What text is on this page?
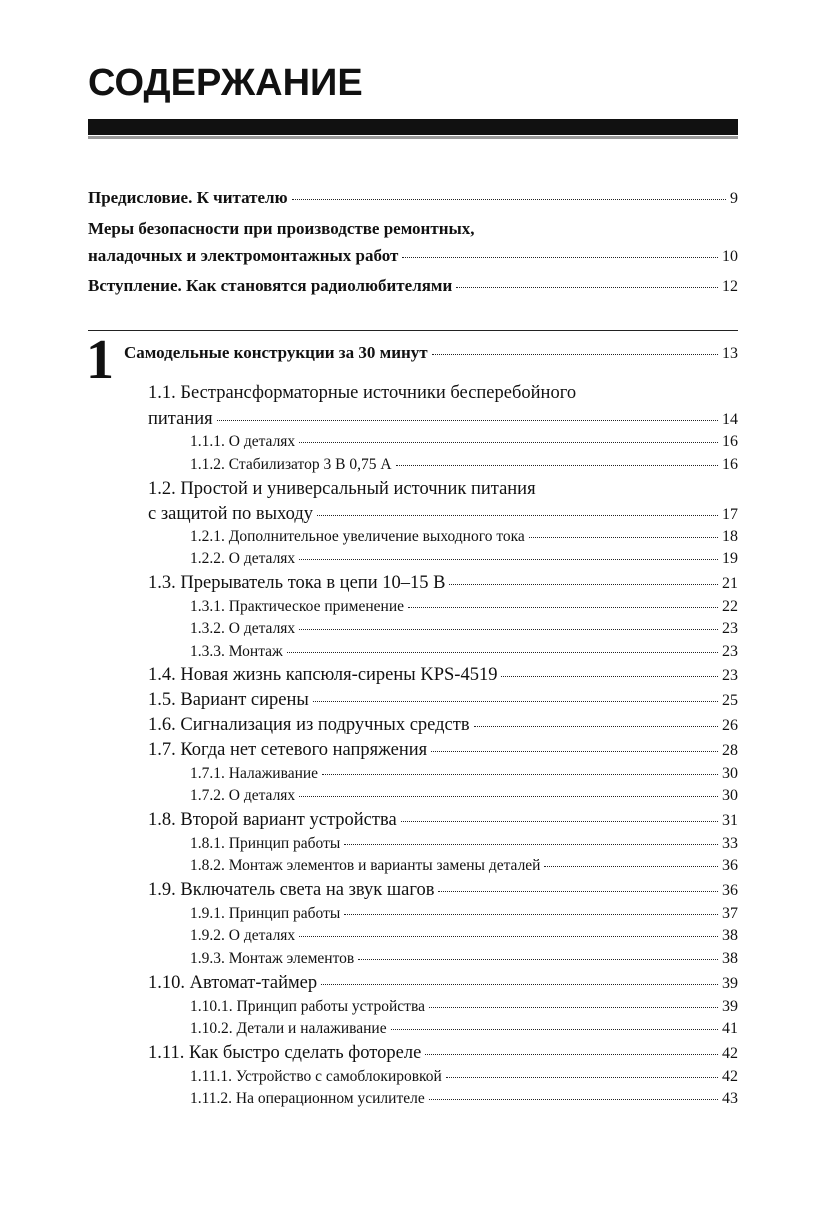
СОДЕРЖАНИЕ
Предисловие. К читателю	9
Меры безопасности при производстве ремонтных,
наладочных и электромонтажных работ	10
Вступление. Как становятся радиолюбителями	12
1 Самодельные конструкции за 30 минут	13
1.1. Бестрансформаторные источники бесперебойного
питания	14
1.1.1. О деталях	16
1.1.2. Стабилизатор 3 В 0,75 А	16
1.2. Простой и универсальный источник питания
с защитой по выходу	17
1.2.1. Дополнительное увеличение выходного тока	18
1.2.2. О деталях	19
1.3. Прерыватель тока в цепи 10–15 В	21
1.3.1. Практическое применение	22
1.3.2. О деталях	23
1.3.3. Монтаж	23
1.4. Новая жизнь капсюля-сирены KPS-4519	23
1.5. Вариант сирены	25
1.6. Сигнализация из подручных средств	26
1.7. Когда нет сетевого напряжения	28
1.7.1. Налаживание	30
1.7.2. О деталях	30
1.8. Второй вариант устройства	31
1.8.1. Принцип работы	33
1.8.2. Монтаж элементов и варианты замены деталей	36
1.9. Включатель света на звук шагов	36
1.9.1. Принцип работы	37
1.9.2. О деталях	38
1.9.3. Монтаж элементов	38
1.10. Автомат-таймер	39
1.10.1. Принцип работы устройства	39
1.10.2. Детали и налаживание	41
1.11. Как быстро сделать фотореле	42
1.11.1. Устройство с самоблокировкой	42
1.11.2. На операционном усилителе	43
